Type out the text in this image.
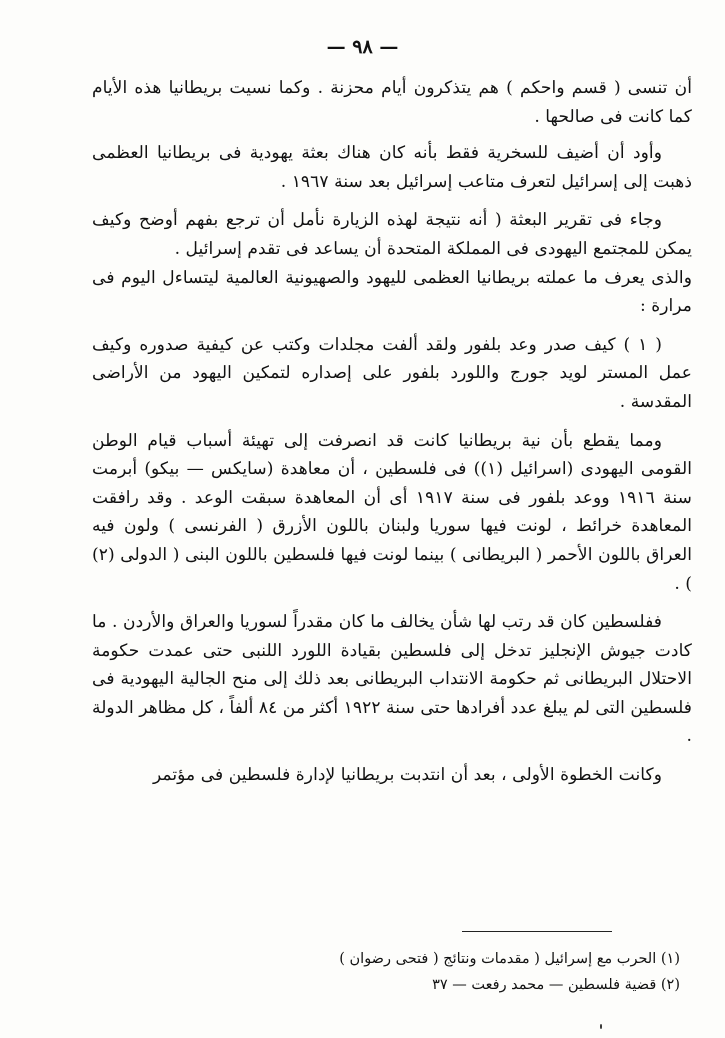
— ٩٨ —

أن تنسى ( قسم واحكم ) هم يتذكرون أيام محزنة . وكما نسيت بريطانيا هذه الأيام كما كانت فى صالحها .

وأود أن أضيف للسخرية فقط بأنه كان هناك بعثة يهودية فى بريطانيا العظمى ذهبت إلى إسرائيل لتعرف متاعب إسرائيل بعد سنة ١٩٦٧ .

وجاء فى تقرير البعثة ( أنه نتيجة لهذه الزيارة نأمل أن ترجع بفهم أوضح وكيف يمكن للمجتمع اليهودى فى المملكة المتحدة أن يساعد فى تقدم إسرائيل .

والذى يعرف ما عملته بريطانيا العظمى لليهود والصهيونية العالمية ليتساءل اليوم فى مرارة :

( ١ ) كيف صدر وعد بلفور ولقد ألفت مجلدات وكتب عن كيفية صدوره وكيف عمل المستر لويد جورج واللورد بلفور على إصداره لتمكين اليهود من الأراضى المقدسة .

ومما يقطع بأن نية بريطانيا كانت قد انصرفت إلى تهيئة أسباب قيام الوطن القومى اليهودى (اسرائيل (١)) فى فلسطين ، أن معاهدة (سايكس — بيكو) أبرمت سنة ١٩١٦ ووعد بلفور فى سنة ١٩١٧ أى أن المعاهدة سبقت الوعد . وقد رافقت المعاهدة خرائط ، لونت فيها سوريا ولبنان باللون الأزرق ( الفرنسى ) ولون فيه العراق باللون الأحمر ( البريطانى ) بينما لونت فيها فلسطين باللون البنى ( الدولى (٢) ) .

ففلسطين كان قد رتب لها شأن يخالف ما كان مقدراً لسوريا والعراق والأردن . ما كادت جيوش الإنجليز تدخل إلى فلسطين بقيادة اللورد اللنبى حتى عمدت حكومة الاحتلال البريطانى ثم حكومة الانتداب البريطانى بعد ذلك إلى منح الجالية اليهودية فى فلسطين التى لم يبلغ عدد أفرادها حتى سنة ١٩٢٢ أكثر من ٨٤ ألفاً ، كل مظاهر الدولة .

وكانت الخطوة الأولى ، بعد أن انتدبت بريطانيا لإدارة فلسطين فى مؤتمر

(١) الحرب مع إسرائيل ( مقدمات ونتائج ( فتحى رضوان )
(٢) قضية فلسطين — محمد رفعت — ٣٧
